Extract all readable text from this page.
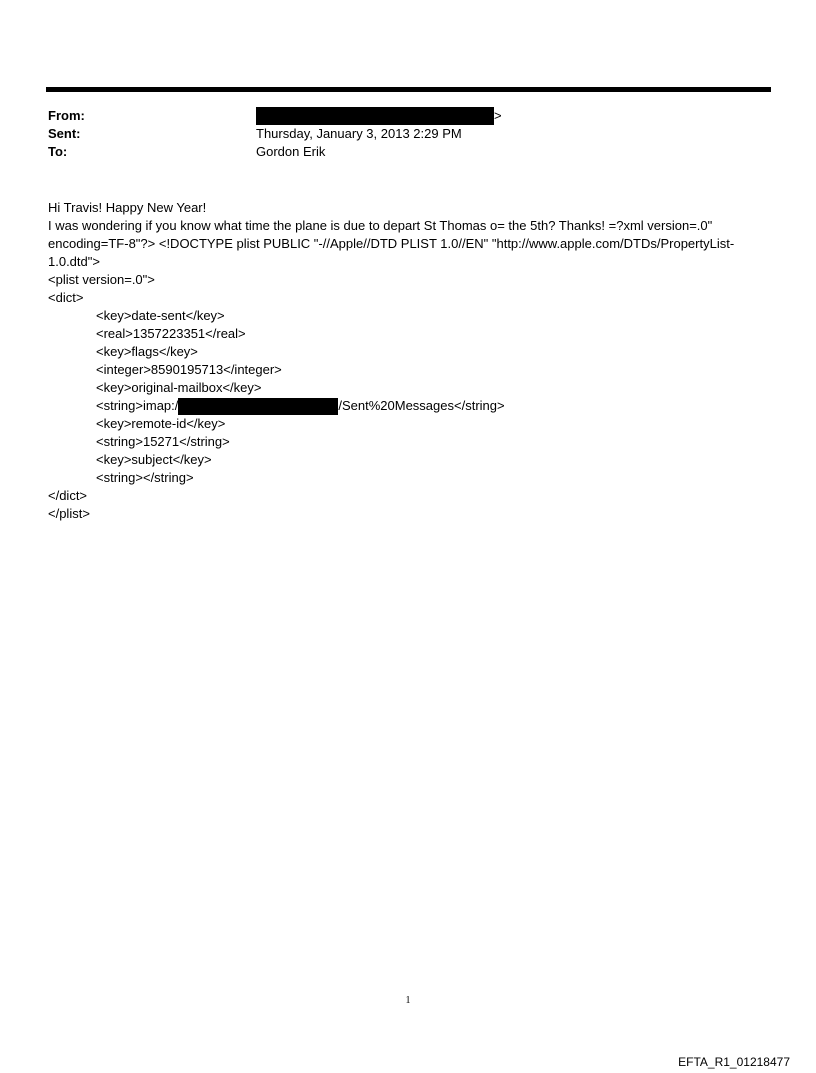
From:	>
Sent:	Thursday, January 3, 2013 2:29 PM
To:	Gordon Erik
Hi Travis! Happy New Year!
I was wondering if you know what time the plane is due to depart St Thomas o= the 5th? Thanks! =?xml version=.0"
encoding=TF-8"?> <!DOCTYPE plist PUBLIC "-//Apple//DTD PLIST 1.0//EN" "http://www.apple.com/DTDs/PropertyList-
1.0.dtd">
<plist version=.0">
<dict>
<key>date-sent</key>
<real>1357223351</real>
<key>flags</key>
<integer>8590195713</integer>
<key>original-mailbox</key>
<string>imap:/	/Sent%20Messages</string>
<key>remote-id</key>
<string>15271</string>
<key>subject</key>
<string></string>
</dict>
</plist>
1
EFTA_R1_01218477
